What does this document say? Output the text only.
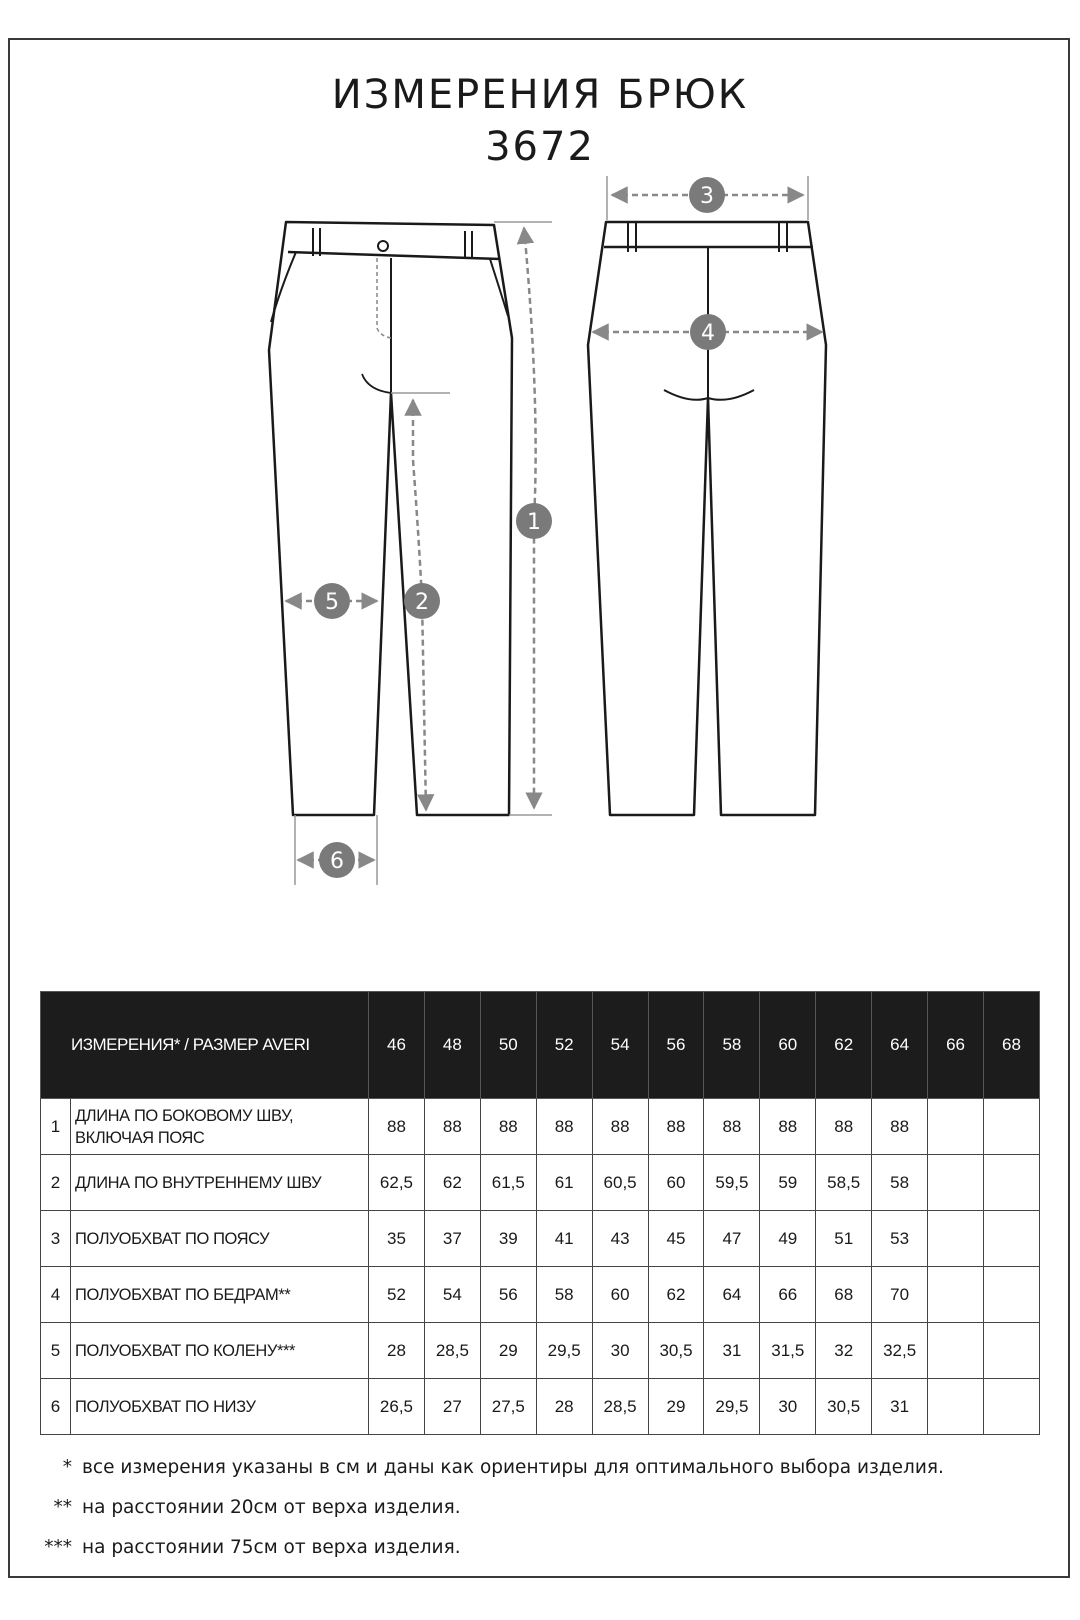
ИЗМЕРЕНИЯ БРЮК
3672
1
2
3
4
5
6
ИЗМЕРЕНИЯ* / РАЗМЕР AVERI		46	48	50	52	54	56	58	60	62	64	66	68
1	ДЛИНА ПО БОКОВОМУ ШВУ, ВКЛЮЧАЯ ПОЯС	88	88	88	88	88	88	88	88	88	88		
2	ДЛИНА ПО ВНУТРЕННЕМУ ШВУ	62,5	62	61,5	61	60,5	60	59,5	59	58,5	58		
3	ПОЛУОБХВАТ ПО ПОЯСУ	35	37	39	41	43	45	47	49	51	53		
4	ПОЛУОБХВАТ ПО БЕДРАМ**	52	54	56	58	60	62	64	66	68	70		
5	ПОЛУОБХВАТ ПО КОЛЕНУ***	28	28,5	29	29,5	30	30,5	31	31,5	32	32,5		
6	ПОЛУОБХВАТ ПО НИЗУ	26,5	27	27,5	28	28,5	29	29,5	30	30,5	31		
* все измерения указаны в см и даны как ориентиры для оптимального выбора изделия.
** на расстоянии 20см от верха изделия.
*** на расстоянии 75см от верха изделия.
